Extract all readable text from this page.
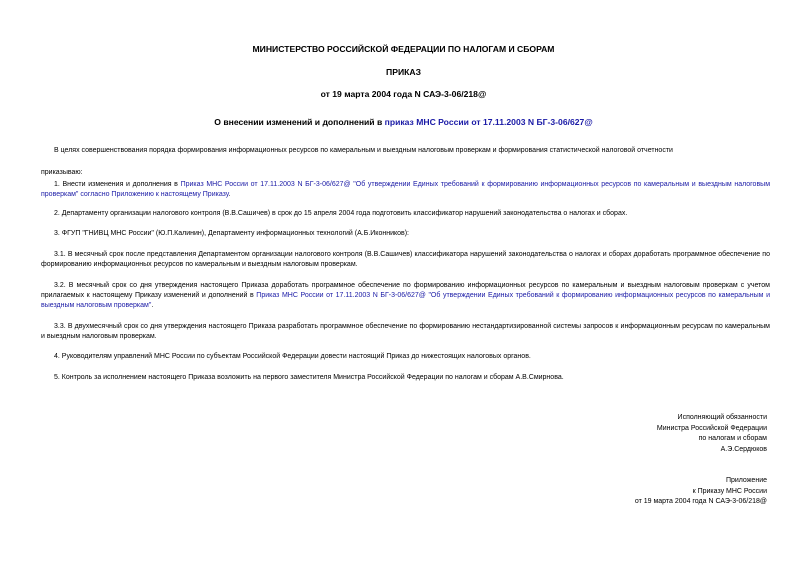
МИНИСТЕРСТВО РОССИЙСКОЙ ФЕДЕРАЦИИ ПО НАЛОГАМ И СБОРАМ
ПРИКАЗ
от 19 марта 2004 года N САЭ-3-06/218@
О внесении изменений и дополнений в приказ МНС России от 17.11.2003 N БГ-3-06/627@
В целях совершенствования порядка формирования информационных ресурсов по камеральным и выездным налоговым проверкам и формирования статистической налоговой отчетности
приказываю:
1. Внести изменения и дополнения в Приказ МНС России от 17.11.2003 N БГ-3-06/627@ "Об утверждении Единых требований к формированию информационных ресурсов по камеральным и выездным налоговым проверкам" согласно Приложению к настоящему Приказу.
2. Департаменту организации налогового контроля (В.В.Сашичев) в срок до 15 апреля 2004 года подготовить классификатор нарушений законодательства о налогах и сборах.
3. ФГУП "ГНИВЦ МНС России" (Ю.П.Калинин), Департаменту информационных технологий (А.Б.Иконников):
3.1. В месячный срок после представления Департаментом организации налогового контроля (В.В.Сашичев) классификатора нарушений законодательства о налогах и сборах доработать программное обеспечение по формированию информационных ресурсов по камеральным и выездным налоговым проверкам.
3.2. В месячный срок со дня утверждения настоящего Приказа доработать программное обеспечение по формированию информационных ресурсов по камеральным и выездным налоговым проверкам с учетом прилагаемых к настоящему Приказу изменений и дополнений в Приказ МНС России от 17.11.2003 N БГ-3-06/627@ "Об утверждении Единых требований к формированию информационных ресурсов по камеральным и выездным налоговым проверкам".
3.3. В двухмесячный срок со дня утверждения настоящего Приказа разработать программное обеспечение по формированию нестандартизированной системы запросов к информационным ресурсам по камеральным и выездным налоговым проверкам.
4. Руководителям управлений МНС России по субъектам Российской Федерации довести настоящий Приказ до нижестоящих налоговых органов.
5. Контроль за исполнением настоящего Приказа возложить на первого заместителя Министра Российской Федерации по налогам и сборам А.В.Смирнова.
Исполняющий обязанности
Министра Российской Федерации
по налогам и сборам
А.Э.Сердюков
Приложение
к Приказу МНС России
от 19 марта 2004 года N САЭ-3-06/218@
